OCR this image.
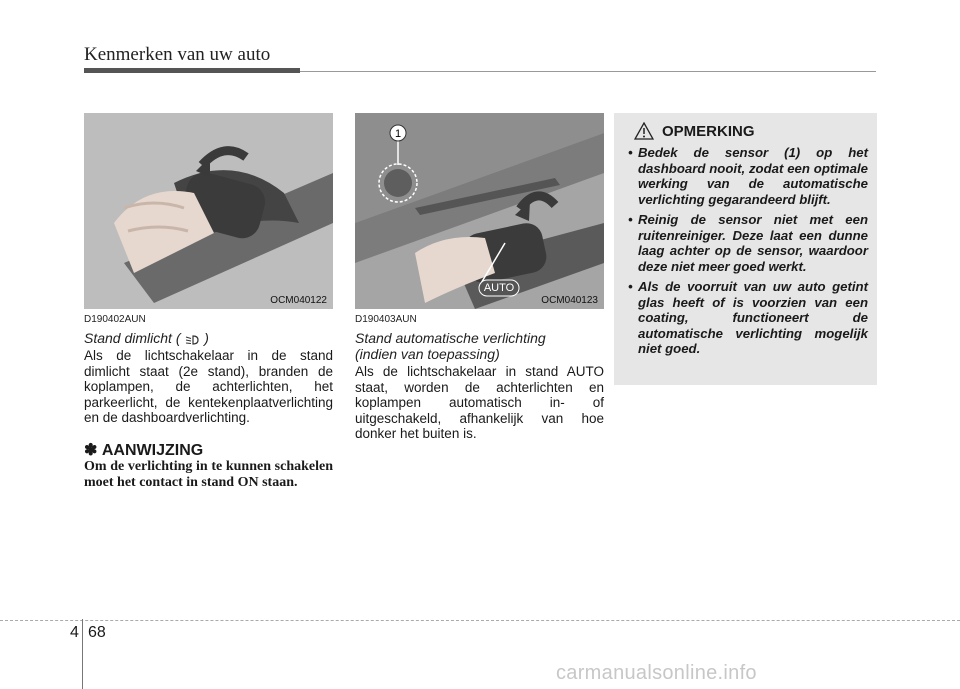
Kenmerken van uw auto
OCM040122
D190402AUN
Stand dimlicht ( )
Als de lichtschakelaar in de stand dimlicht staat (2e stand), branden de koplampen, de achterlichten, het parkeerlicht, de kentekenplaatverlichting en de dashboardverlichting.
✽ AANWIJZING
Om de verlichting in te kunnen schakelen moet het contact in stand ON staan.
1
AUTO
OCM040123
D190403AUN
Stand automatische verlichting
(indien van toepassing)
Als de lichtschakelaar in stand AUTO staat, worden de achterlichten en koplampen automatisch in- of uitgeschakeld, afhankelijk van hoe donker het buiten is.
OPMERKING
• Bedek de sensor (1) op het dashboard nooit, zodat een optimale werking van de automatische verlichting gegarandeerd blijft.
• Reinig de sensor niet met een ruitenreiniger. Deze laat een dunne laag achter op de sensor, waardoor deze niet meer goed werkt.
• Als de voorruit van uw auto getint glas heeft of is voorzien van een coating, functioneert de automatische verlichting mogelijk niet goed.
4 68
carmanualsonline.info
